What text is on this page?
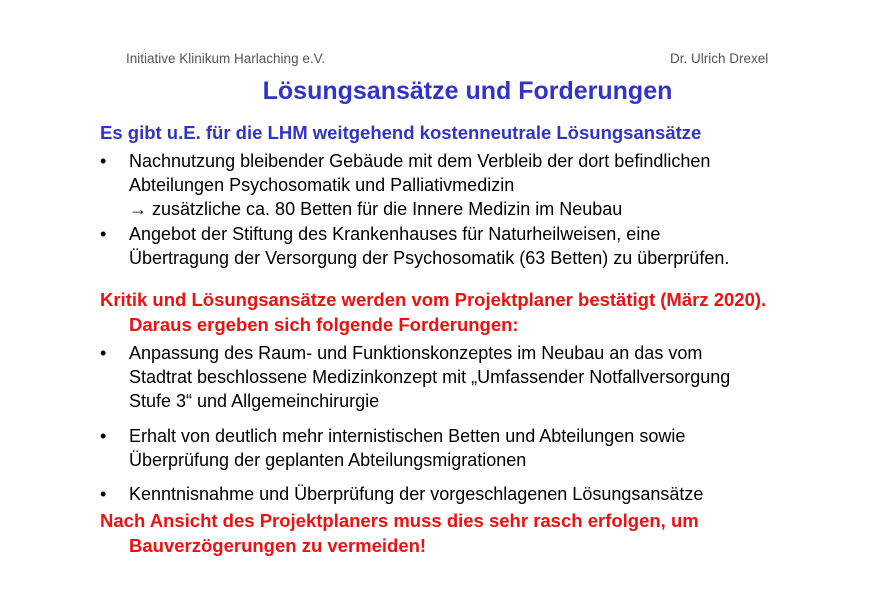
Initiative Klinikum Harlaching e.V.	Dr. Ulrich Drexel
Lösungsansätze und Forderungen
Es gibt u.E. für die LHM weitgehend kostenneutrale Lösungsansätze
• Nachnutzung bleibender Gebäude mit dem Verbleib der dort befindlichen
Abteilungen Psychosomatik und Palliativmedizin
→ zusätzliche ca. 80 Betten für die Innere Medizin im Neubau
• Angebot der Stiftung des Krankenhauses für Naturheilweisen, eine
Übertragung der Versorgung der Psychosomatik (63 Betten) zu überprüfen.
Kritik und Lösungsansätze werden vom Projektplaner bestätigt (März 2020).
Daraus ergeben sich folgende Forderungen:
• Anpassung des Raum- und Funktionskonzeptes im Neubau an das vom
Stadtrat beschlossene Medizinkonzept mit „Umfassender Notfallversorgung
Stufe 3“ und Allgemeinchirurgie
• Erhalt von deutlich mehr internistischen Betten und Abteilungen sowie
Überprüfung der geplanten Abteilungsmigrationen
• Kenntnisnahme und Überprüfung der vorgeschlagenen Lösungsansätze
Nach Ansicht des Projektplaners muss dies sehr rasch erfolgen, um
Bauverzögerungen zu vermeiden!
